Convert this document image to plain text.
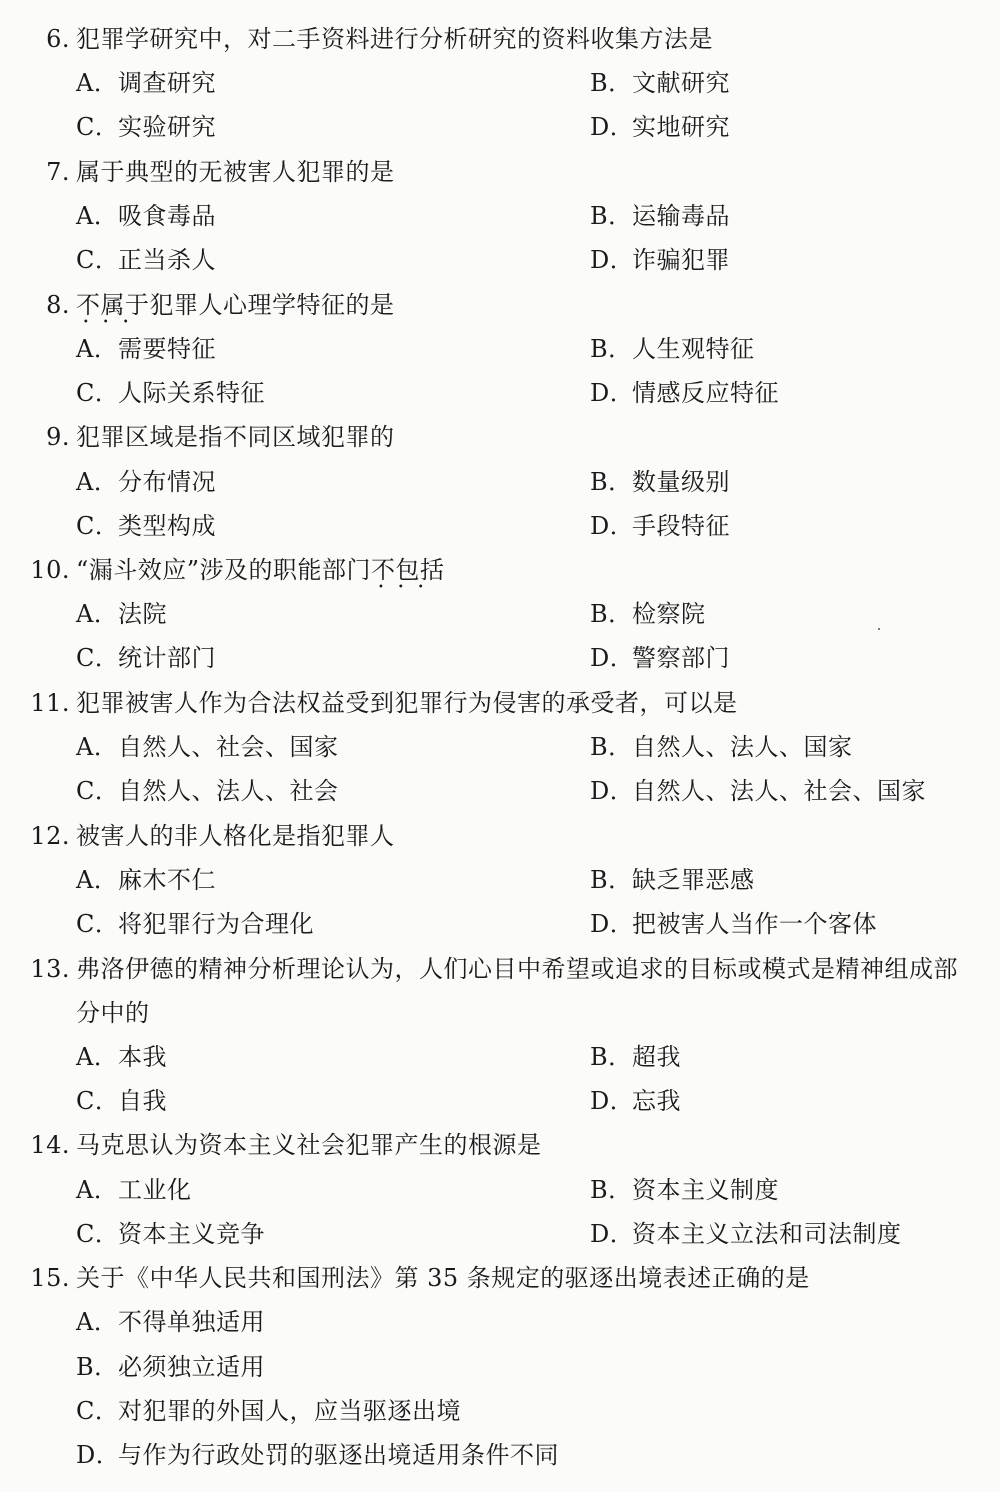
6. 犯罪学研究中，对二手资料进行分析研究的资料收集方法是
A．调查研究	B．文献研究
C．实验研究	D．实地研究
7. 属于典型的无被害人犯罪的是
A．吸食毒品	B．运输毒品
C．正当杀人	D．诈骗犯罪
8. 不属于
•••
犯罪人心理学特征的是
A．需要特征	B．人生观特征
C．人际关系特征	D．情感反应特征
9. 犯罪区域是指不同区域犯罪的
A．分布情况	B．数量级别
C．类型构成	D．手段特征
10. “漏斗效应”涉及的职能部门不包括
•••
A．法院	B．检察院
C．统计部门	D．警察部门
11. 犯罪被害人作为合法权益受到犯罪行为侵害的承受者，可以是
A．自然人、社会、国家	B．自然人、法人、国家
C．自然人、法人、社会	D．自然人、法人、社会、国家
12. 被害人的非人格化是指犯罪人
A．麻木不仁	B．缺乏罪恶感
C．将犯罪行为合理化	D．把被害人当作一个客体
13. 弗洛伊德的精神分析理论认为，人们心目中希望或追求的目标或模式是精神组成部
分中的
A．本我	B．超我
C．自我	D．忘我
14. 马克思认为资本主义社会犯罪产生的根源是
A．工业化	B．资本主义制度
C．资本主义竞争	D．资本主义立法和司法制度
15. 关于《中华人民共和国刑法》第 35 条规定的驱逐出境表述正确的是
A．不得单独适用
B．必须独立适用
C．对犯罪的外国人，应当驱逐出境
D．与作为行政处罚的驱逐出境适用条件不同
